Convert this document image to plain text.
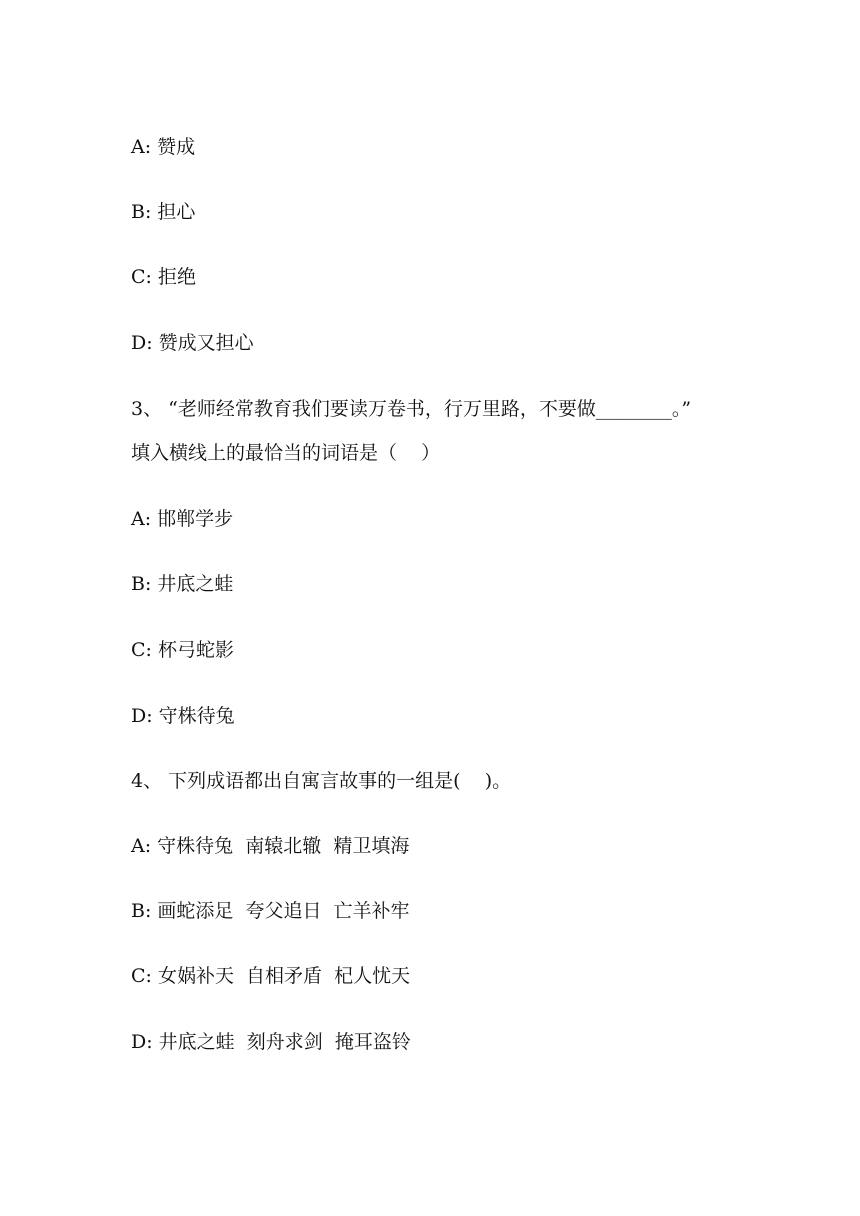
A: 赞成
B: 担心
C: 拒绝
D: 赞成又担心
3、 “老师经常教育我们要读万卷书，行万里路，不要做________。”
填入横线上的最恰当的词语是（    ）
A: 邯郸学步
B: 井底之蛙
C: 杯弓蛇影
D: 守株待兔
4、 下列成语都出自寓言故事的一组是(    )。
A: 守株待兔  南辕北辙  精卫填海
B: 画蛇添足  夸父追日  亡羊补牢
C: 女娲补天  自相矛盾  杞人忧天
D: 井底之蛙  刻舟求剑  掩耳盗铃
